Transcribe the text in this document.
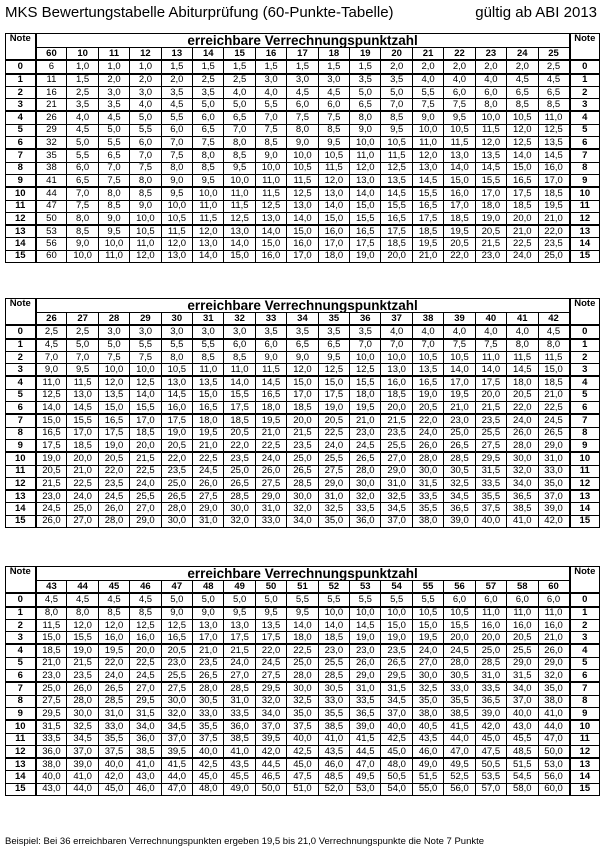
MKS Bewertungstabelle Abiturprüfung (60-Punkte-Tabelle)	gültig ab ABI 2013
Note	erreichbare Verrechnungspunktzahl																	Note
	60	10	11	12	13	14	15	16	17	18	19	20	21	22	23	24	25	
0	6	1,0	1,0	1,0	1,5	1,5	1,5	1,5	1,5	1,5	1,5	2,0	2,0	2,0	2,0	2,0	2,5	0
1	11	1,5	2,0	2,0	2,0	2,5	2,5	3,0	3,0	3,0	3,5	3,5	4,0	4,0	4,0	4,5	4,5	1
2	16	2,5	3,0	3,0	3,5	3,5	4,0	4,0	4,5	4,5	5,0	5,0	5,5	6,0	6,0	6,5	6,5	2
3	21	3,5	3,5	4,0	4,5	5,0	5,0	5,5	6,0	6,0	6,5	7,0	7,5	7,5	8,0	8,5	8,5	3
4	26	4,0	4,5	5,0	5,5	6,0	6,5	7,0	7,5	7,5	8,0	8,5	9,0	9,5	10,0	10,5	11,0	4
5	29	4,5	5,0	5,5	6,0	6,5	7,0	7,5	8,0	8,5	9,0	9,5	10,0	10,5	11,5	12,0	12,5	5
6	32	5,0	5,5	6,0	7,0	7,5	8,0	8,5	9,0	9,5	10,0	10,5	11,0	11,5	12,0	12,5	13,5	6
7	35	5,5	6,5	7,0	7,5	8,0	8,5	9,0	10,0	10,5	11,0	11,5	12,0	13,0	13,5	14,0	14,5	7
8	38	6,0	7,0	7,5	8,0	8,5	9,5	10,0	10,5	11,5	12,0	12,5	13,0	14,0	14,5	15,0	16,0	8
9	41	6,5	7,5	8,0	9,0	9,5	10,0	11,0	11,5	12,0	13,0	13,5	14,5	15,0	15,5	16,5	17,0	9
10	44	7,0	8,0	8,5	9,5	10,0	11,0	11,5	12,5	13,0	14,0	14,5	15,5	16,0	17,0	17,5	18,5	10
11	47	7,5	8,5	9,0	10,0	11,0	11,5	12,5	13,0	14,0	15,0	15,5	16,5	17,0	18,0	18,5	19,5	11
12	50	8,0	9,0	10,0	10,5	11,5	12,5	13,0	14,0	15,0	15,5	16,5	17,5	18,5	19,0	20,0	21,0	12
13	53	8,5	9,5	10,5	11,5	12,0	13,0	14,0	15,0	16,0	16,5	17,5	18,5	19,5	20,5	21,0	22,0	13
14	56	9,0	10,0	11,0	12,0	13,0	14,0	15,0	16,0	17,0	17,5	18,5	19,5	20,5	21,5	22,5	23,5	14
15	60	10,0	11,0	12,0	13,0	14,0	15,0	16,0	17,0	18,0	19,0	20,0	21,0	22,0	23,0	24,0	25,0	15
Note	erreichbare Verrechnungspunktzahl																	Note
	26	27	28	29	30	31	32	33	34	35	36	37	38	39	40	41	42	
0	2,5	2,5	3,0	3,0	3,0	3,0	3,0	3,5	3,5	3,5	3,5	4,0	4,0	4,0	4,0	4,0	4,5	0
1	4,5	5,0	5,0	5,5	5,5	5,5	6,0	6,0	6,5	6,5	7,0	7,0	7,0	7,5	7,5	8,0	8,0	1
2	7,0	7,0	7,5	7,5	8,0	8,5	8,5	9,0	9,0	9,5	10,0	10,0	10,5	10,5	11,0	11,5	11,5	2
3	9,0	9,5	10,0	10,0	10,5	11,0	11,0	11,5	12,0	12,5	12,5	13,0	13,5	14,0	14,0	14,5	15,0	3
4	11,0	11,5	12,0	12,5	13,0	13,5	14,0	14,5	15,0	15,0	15,5	16,0	16,5	17,0	17,5	18,0	18,5	4
5	12,5	13,0	13,5	14,0	14,5	15,0	15,5	16,5	17,0	17,5	18,0	18,5	19,0	19,5	20,0	20,5	21,0	5
6	14,0	14,5	15,0	15,5	16,0	16,5	17,5	18,0	18,5	19,0	19,5	20,0	20,5	21,0	21,5	22,0	22,5	6
7	15,0	15,5	16,5	17,0	17,5	18,0	18,5	19,5	20,0	20,5	21,0	21,5	22,0	23,0	23,5	24,0	24,5	7
8	16,5	17,0	17,5	18,5	19,0	19,5	20,5	21,0	21,5	22,5	23,0	23,5	24,0	25,0	25,5	26,0	26,5	8
9	17,5	18,5	19,0	20,0	20,5	21,0	22,0	22,5	23,5	24,0	24,5	25,5	26,0	26,5	27,5	28,0	29,0	9
10	19,0	20,0	20,5	21,5	22,0	22,5	23,5	24,0	25,0	25,5	26,5	27,0	28,0	28,5	29,5	30,0	31,0	10
11	20,5	21,0	22,0	22,5	23,5	24,5	25,0	26,0	26,5	27,5	28,0	29,0	30,0	30,5	31,5	32,0	33,0	11
12	21,5	22,5	23,5	24,0	25,0	26,0	26,5	27,5	28,5	29,0	30,0	31,0	31,5	32,5	33,5	34,0	35,0	12
13	23,0	24,0	24,5	25,5	26,5	27,5	28,5	29,0	30,0	31,0	32,0	32,5	33,5	34,5	35,5	36,5	37,0	13
14	24,5	25,0	26,0	27,0	28,0	29,0	30,0	31,0	32,0	32,5	33,5	34,5	35,5	36,5	37,5	38,5	39,0	14
15	26,0	27,0	28,0	29,0	30,0	31,0	32,0	33,0	34,0	35,0	36,0	37,0	38,0	39,0	40,0	41,0	42,0	15
Note	erreichbare Verrechnungspunktzahl																	Note
	43	44	45	46	47	48	49	50	51	52	53	54	55	56	57	58	60	
0	4,5	4,5	4,5	4,5	5,0	5,0	5,0	5,0	5,5	5,5	5,5	5,5	5,5	6,0	6,0	6,0	6,0	0
1	8,0	8,0	8,5	8,5	9,0	9,0	9,5	9,5	9,5	10,0	10,0	10,0	10,5	10,5	11,0	11,0	11,0	1
2	11,5	12,0	12,0	12,5	12,5	13,0	13,0	13,5	14,0	14,0	14,5	15,0	15,0	15,5	16,0	16,0	16,0	2
3	15,0	15,5	16,0	16,0	16,5	17,0	17,5	17,5	18,0	18,5	19,0	19,0	19,5	20,0	20,0	20,5	21,0	3
4	18,5	19,0	19,5	20,0	20,5	21,0	21,5	22,0	22,5	23,0	23,0	23,5	24,0	24,5	25,0	25,5	26,0	4
5	21,0	21,5	22,0	22,5	23,0	23,5	24,0	24,5	25,0	25,5	26,0	26,5	27,0	28,0	28,5	29,0	29,0	5
6	23,0	23,5	24,0	24,5	25,5	26,5	27,0	27,5	28,0	28,5	29,0	29,5	30,0	30,5	31,0	31,5	32,0	6
7	25,0	26,0	26,5	27,0	27,5	28,0	28,5	29,5	30,0	30,5	31,0	31,5	32,5	33,0	33,5	34,0	35,0	7
8	27,5	28,0	28,5	29,5	30,0	30,5	31,0	32,0	32,5	33,0	33,5	34,5	35,0	35,5	36,5	37,0	38,0	8
9	29,5	30,0	31,0	31,5	32,0	33,0	33,5	34,0	35,0	35,5	36,5	37,0	38,0	38,5	39,0	40,0	41,0	9
10	31,5	32,5	33,0	34,0	34,5	35,5	36,0	37,0	37,5	38,5	39,0	40,0	40,5	41,5	42,0	43,0	44,0	10
11	33,5	34,5	35,5	36,0	37,0	37,5	38,5	39,5	40,0	41,0	41,5	42,5	43,5	44,0	45,0	45,5	47,0	11
12	36,0	37,0	37,5	38,5	39,5	40,0	41,0	42,0	42,5	43,5	44,5	45,0	46,0	47,0	47,5	48,5	50,0	12
13	38,0	39,0	40,0	41,0	41,5	42,5	43,5	44,5	45,0	46,0	47,0	48,0	49,0	49,5	50,5	51,5	53,0	13
14	40,0	41,0	42,0	43,0	44,0	45,0	45,5	46,5	47,5	48,5	49,5	50,5	51,5	52,5	53,5	54,5	56,0	14
15	43,0	44,0	45,0	46,0	47,0	48,0	49,0	50,0	51,0	52,0	53,0	54,0	55,0	56,0	57,0	58,0	60,0	15
Beispiel: Bei 36 erreichbaren Verrechnungspunkten ergeben 19,5 bis 21,0 Verrechnungspunkte die Note 7 Punkte
